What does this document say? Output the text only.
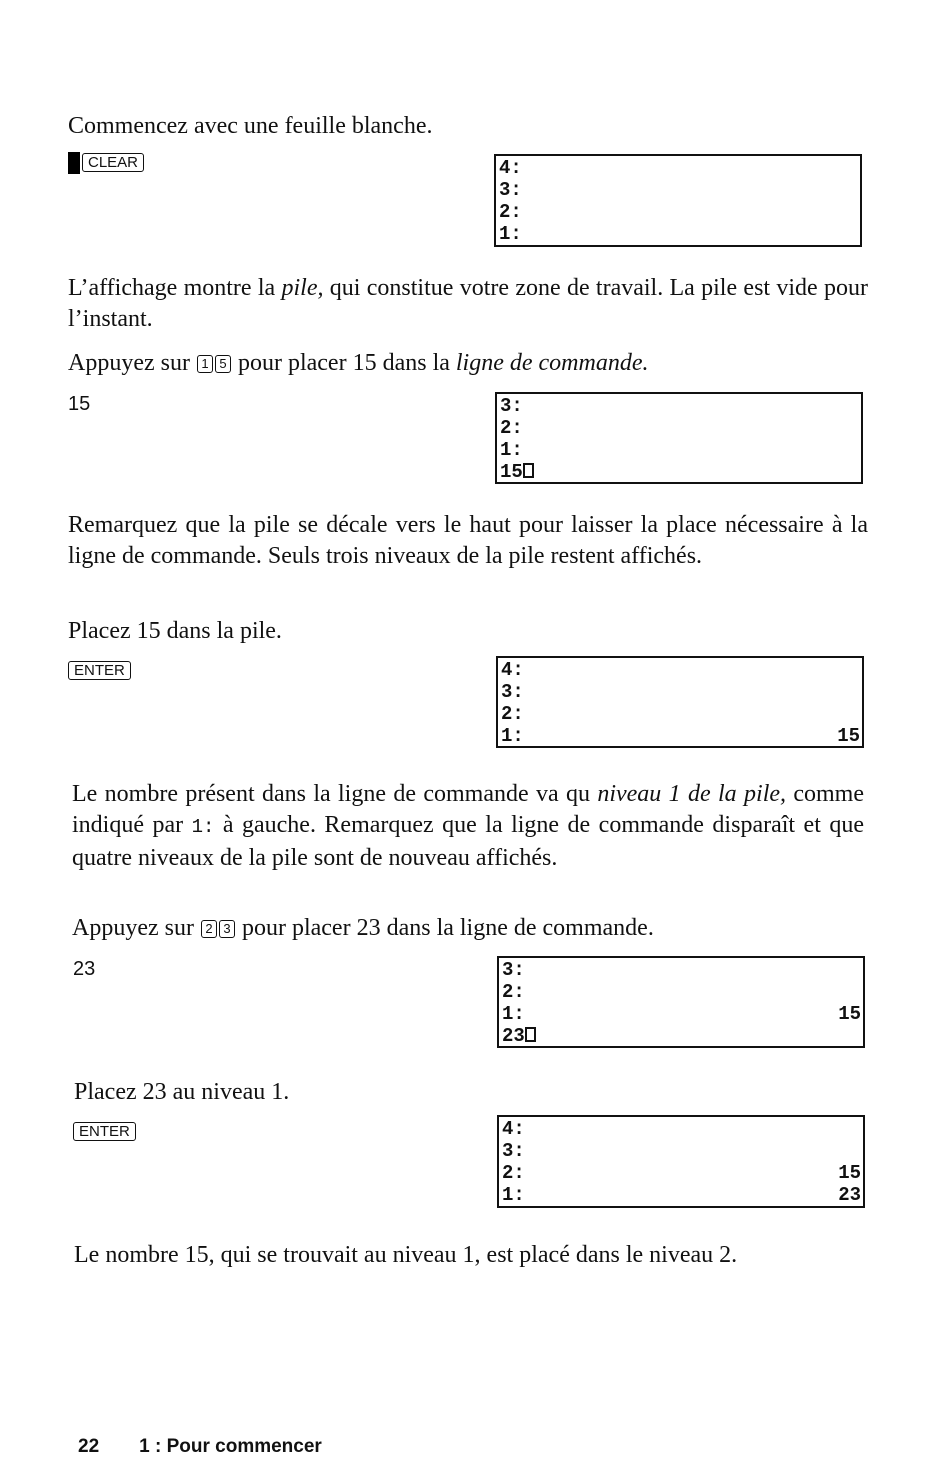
Commencez avec une feuille blanche.

CLEAR	4:
3:
2:
1:

L’affichage montre la pile, qui constitue votre zone de travail. La pile est vide pour l’instant.

Appuyez sur 1 5 pour placer 15 dans la ligne de commande.

15	3:
2:
1:
15

Remarquez que la pile se décale vers le haut pour laisser la place nécessaire à la ligne de commande. Seuls trois niveaux de la pile restent affichés.

Placez 15 dans la pile.

ENTER	4:
3:
2:
1:	15

Le nombre présent dans la ligne de commande va qu niveau 1 de la pile, comme indiqué par 1: à gauche. Remarquez que la ligne de commande disparaît et que quatre niveaux de la pile sont de nouveau affichés.

Appuyez sur 2 3 pour placer 23 dans la ligne de commande.

23	3:
2:
1:	15
23

Placez 23 au niveau 1.

ENTER	4:
3:
2:	15
1:	23

Le nombre 15, qui se trouvait au niveau 1, est placé dans le niveau 2.

22 1 : Pour commencer
